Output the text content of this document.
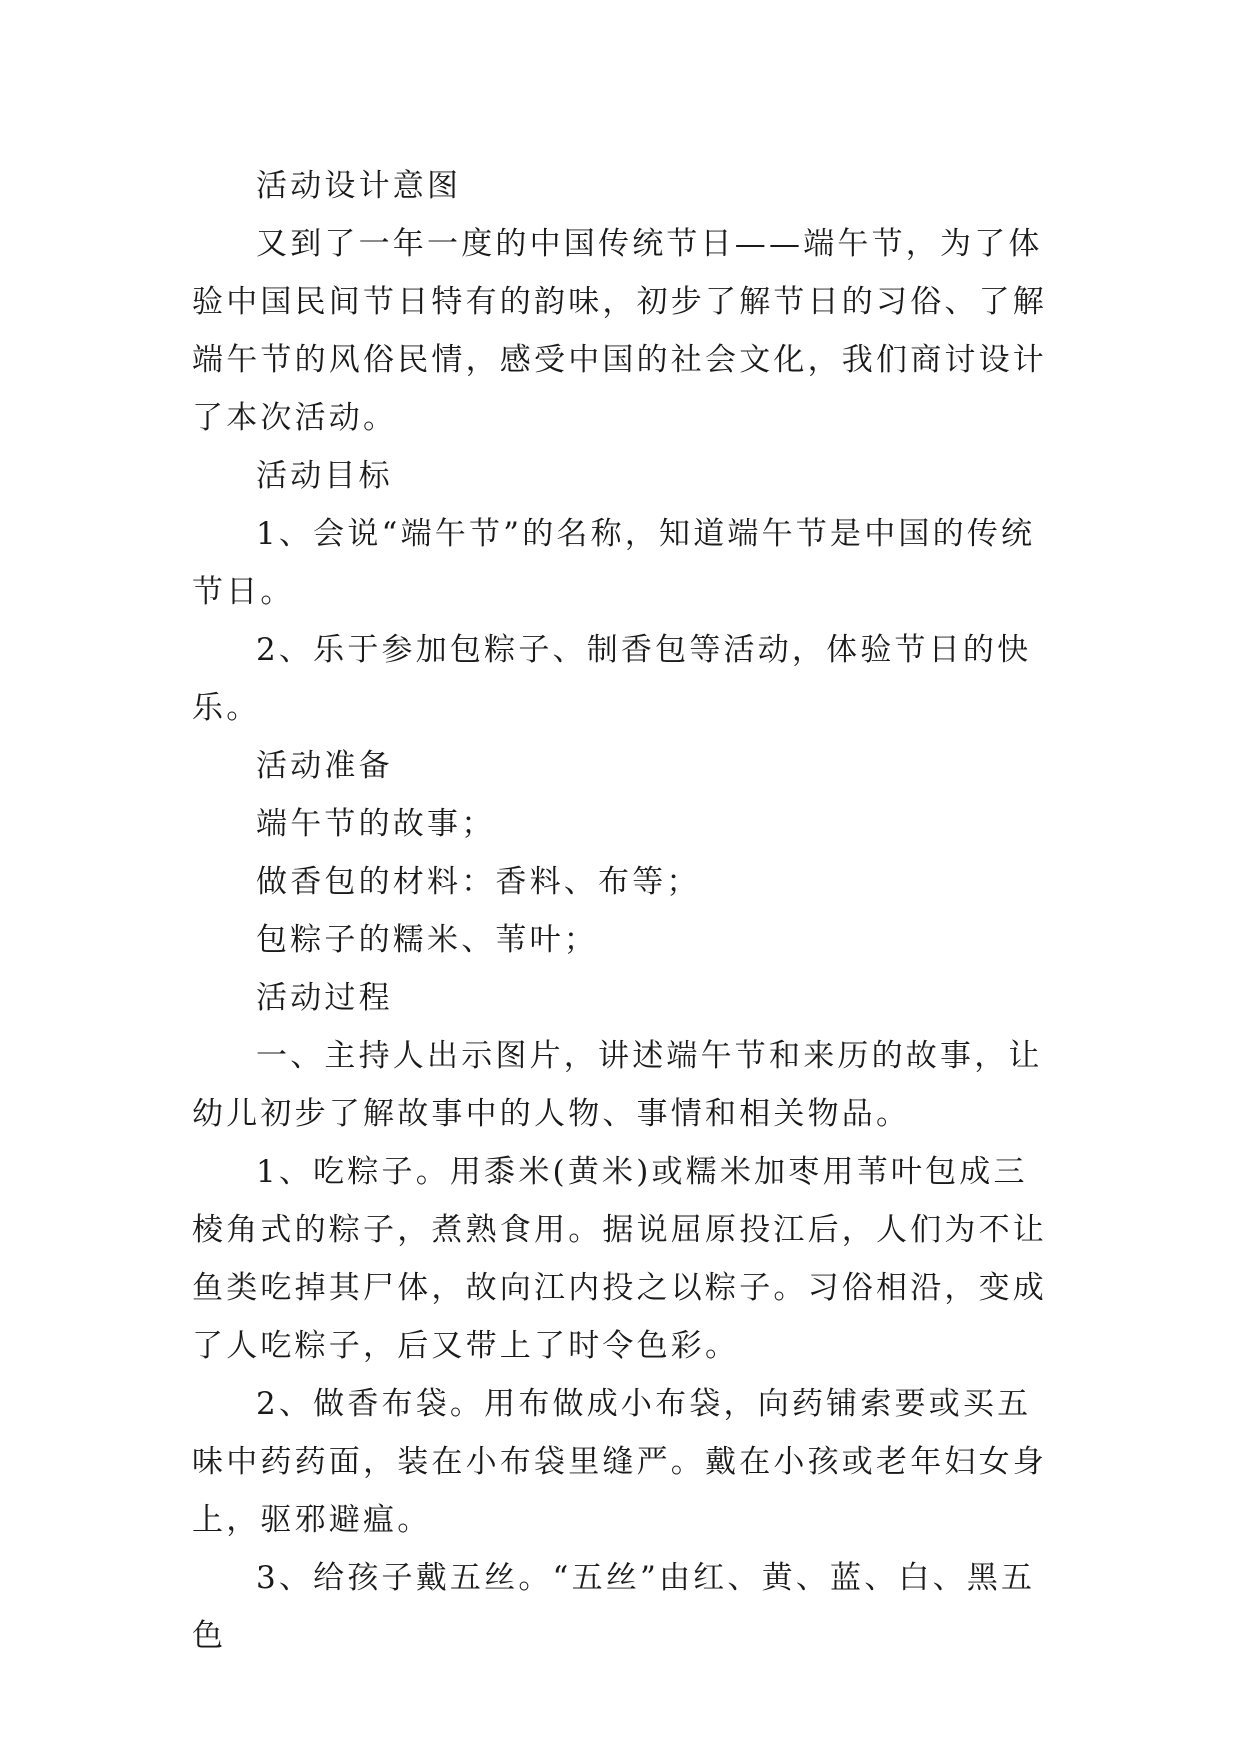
活动设计意图

又到了一年一度的中国传统节日——端午节，为了体验中国民间节日特有的韵味，初步了解节日的习俗、了解端午节的风俗民情，感受中国的社会文化，我们商讨设计了本次活动。

活动目标

1、会说“端午节”的名称，知道端午节是中国的传统节日。

2、乐于参加包粽子、制香包等活动，体验节日的快乐。

活动准备

端午节的故事；

做香包的材料：香料、布等；

包粽子的糯米、苇叶；

活动过程

一、主持人出示图片，讲述端午节和来历的故事，让幼儿初步了解故事中的人物、事情和相关物品。

1、吃粽子。用黍米(黄米)或糯米加枣用苇叶包成三棱角式的粽子，煮熟食用。据说屈原投江后，人们为不让鱼类吃掉其尸体，故向江内投之以粽子。习俗相沿，变成了人吃粽子，后又带上了时令色彩。

2、做香布袋。用布做成小布袋，向药铺索要或买五味中药药面，装在小布袋里缝严。戴在小孩或老年妇女身上，驱邪避瘟。

3、给孩子戴五丝。“五丝”由红、黄、蓝、白、黑五色
